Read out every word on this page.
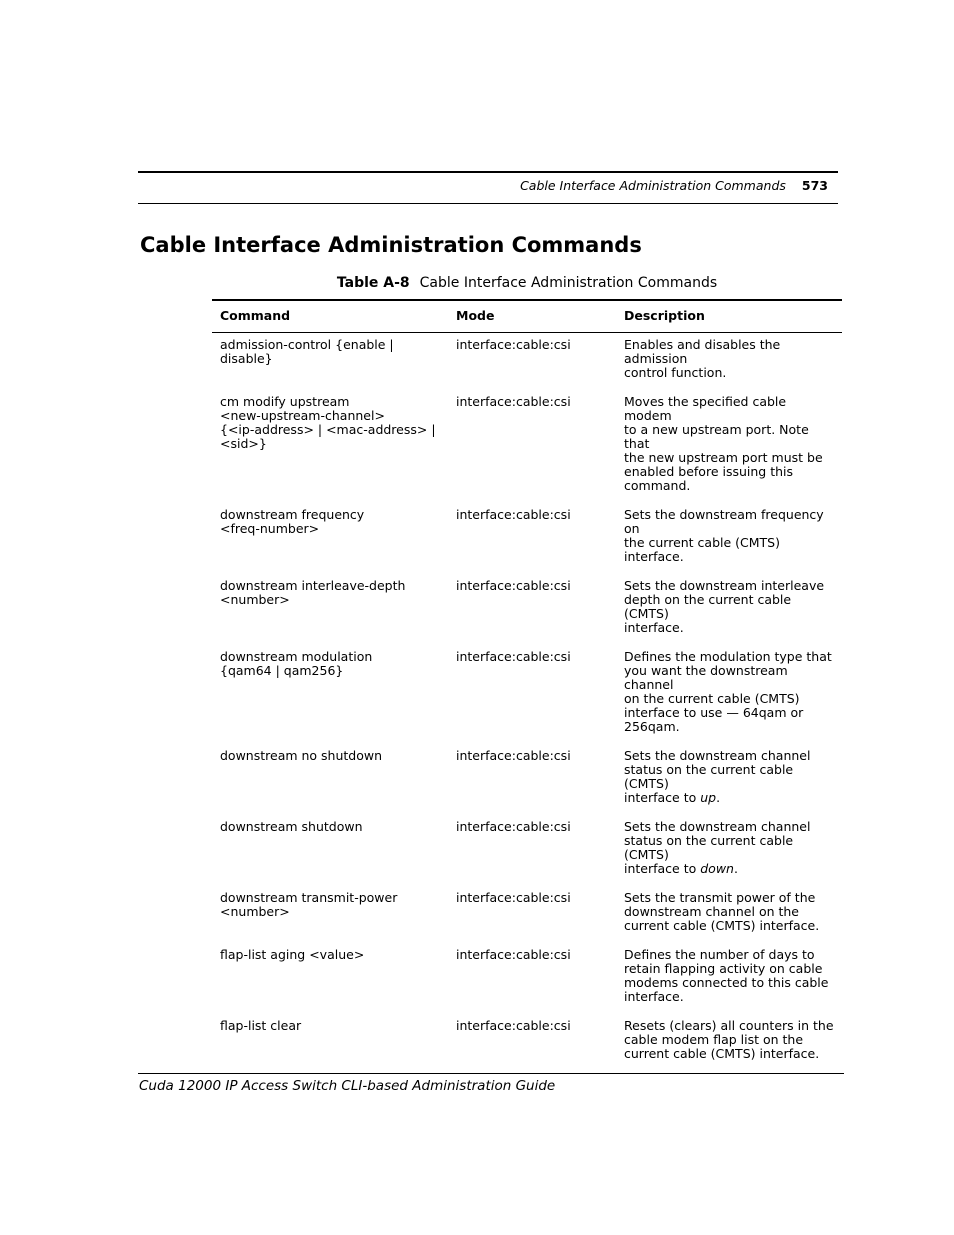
Cable Interface Administration Commands 573
Cable Interface Administration Commands
Table A-8 Cable Interface Administration Commands
Command	Mode	Description
admission-control {enable | disable}	interface:cable:csi	Enables and disables the admission
control function.
cm modify upstream
<new-upstream-channel>
{<ip-address> | <mac-address> |
<sid>}	interface:cable:csi	Moves the specified cable modem
to a new upstream port. Note that
the new upstream port must be
enabled before issuing this
command.
downstream frequency
<freq-number>	interface:cable:csi	Sets the downstream frequency on
the current cable (CMTS) interface.
downstream interleave-depth
<number>	interface:cable:csi	Sets the downstream interleave
depth on the current cable (CMTS)
interface.
downstream modulation
{qam64 | qam256}	interface:cable:csi	Defines the modulation type that
you want the downstream channel
on the current cable (CMTS)
interface to use — 64qam or
256qam.
downstream no shutdown	interface:cable:csi	Sets the downstream channel
status on the current cable (CMTS)
interface to up.
downstream shutdown	interface:cable:csi	Sets the downstream channel
status on the current cable (CMTS)
interface to down.
downstream transmit-power
<number>	interface:cable:csi	Sets the transmit power of the
downstream channel on the
current cable (CMTS) interface.
flap-list aging <value>	interface:cable:csi	Defines the number of days to
retain flapping activity on cable
modems connected to this cable
interface.
flap-list clear	interface:cable:csi	Resets (clears) all counters in the
cable modem flap list on the
current cable (CMTS) interface.
Cuda 12000 IP Access Switch CLI-based Administration Guide
